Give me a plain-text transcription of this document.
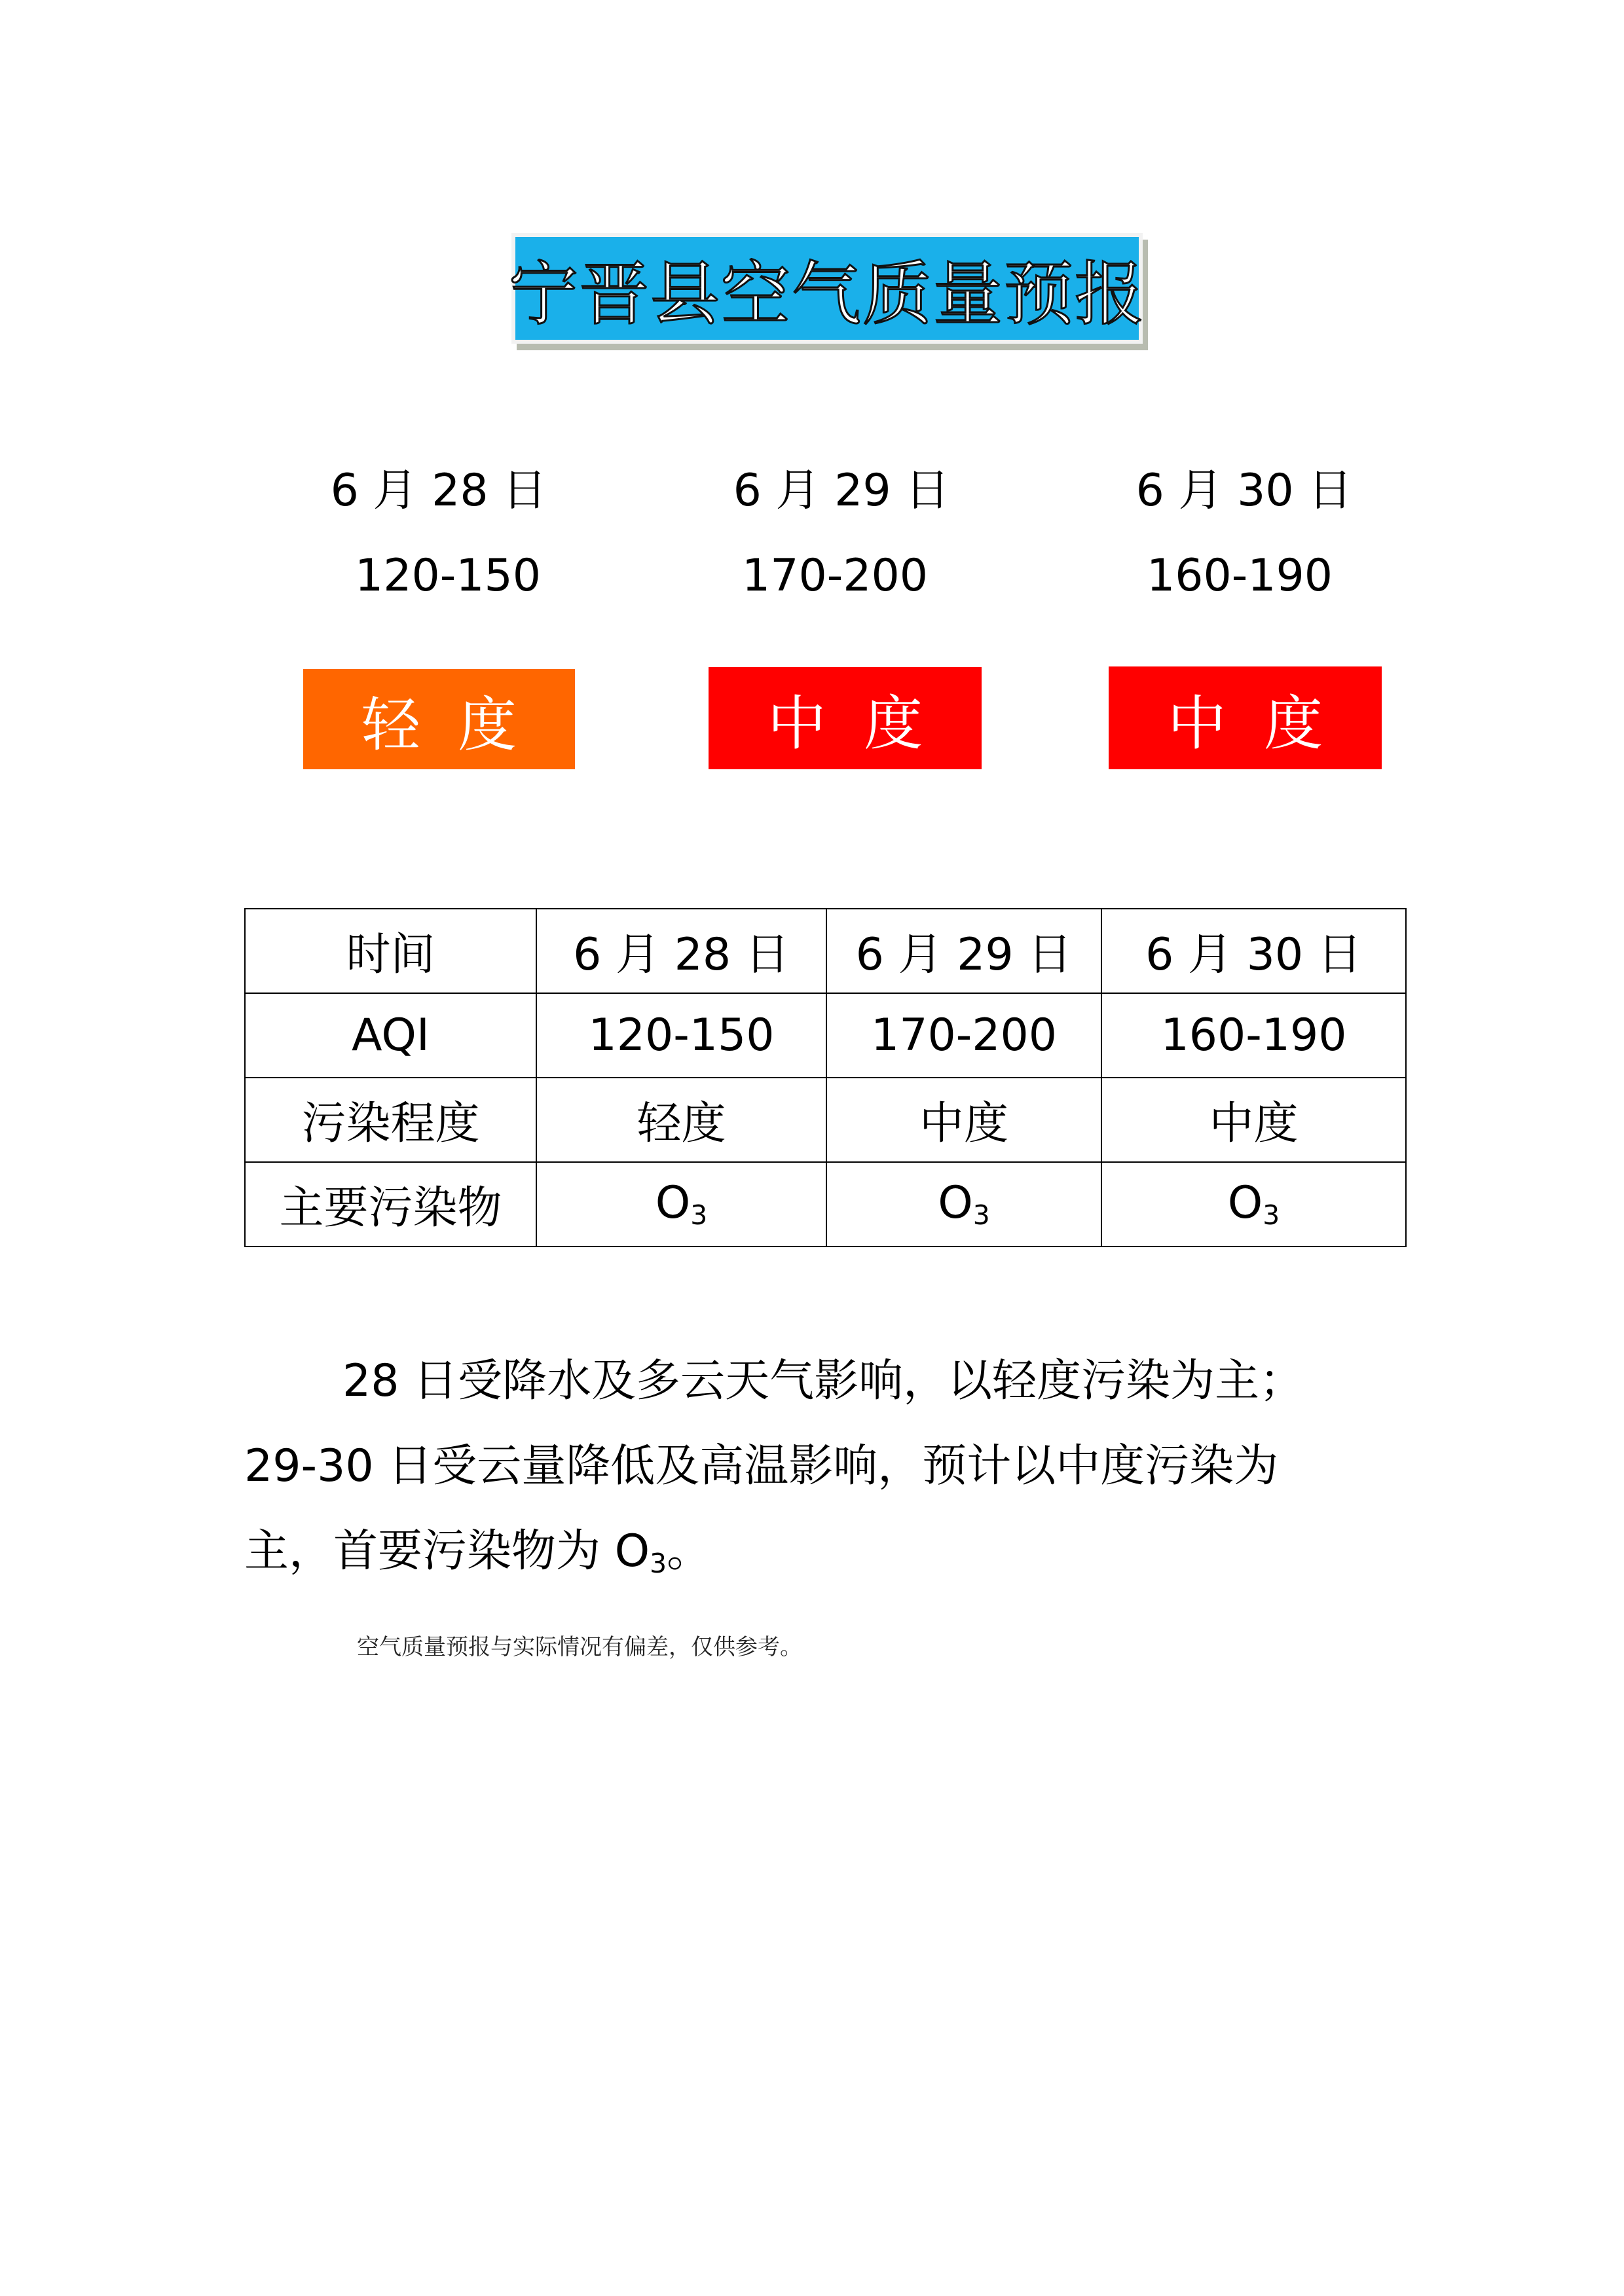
宁晋县空气质量预报
6 月 28 日
120-150
6 月 29 日
170-200
6 月 30 日
160-190
轻  度	中  度	中  度
时间	6 月 28 日	6 月 29 日	6 月 30 日
AQI	120-150	170-200	160-190
污染程度	轻度	中度	中度
主要污染物	$O_3$	$O_3$	$O_3$
28 日受降水及多云天气影响，以轻度污染为主；
29-30 日受云量降低及高温影响，预计以中度污染为
主，首要污染物为 $O_3$。
空气质量预报与实际情况有偏差，仅供参考。
